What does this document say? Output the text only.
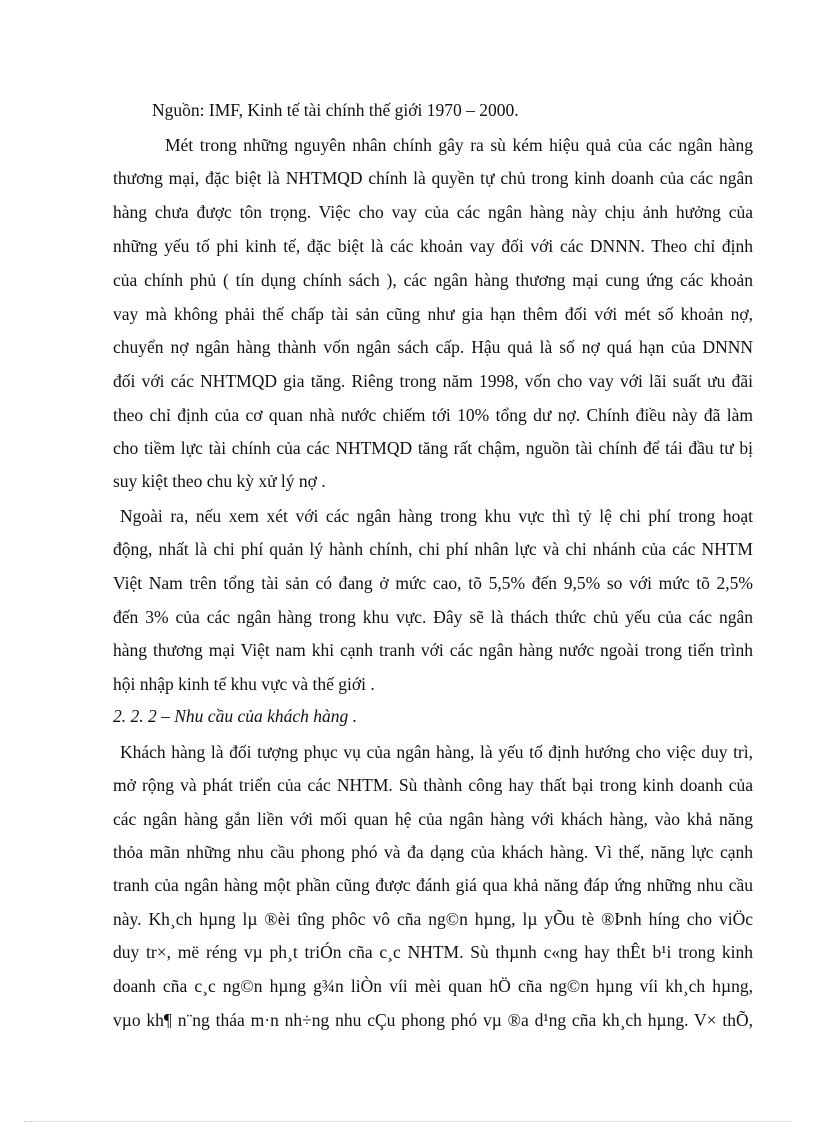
Nguồn: IMF, Kinh tế tài chính thế giới 1970 – 2000.
Mét trong những nguyên nhân chính gây ra sù kém hiệu quả của các ngân hàng
thương mại, đặc biệt là NHTMQD chính là quyền tự chủ trong kinh doanh của các ngân
hàng chưa được tôn trọng. Việc cho vay của các ngân hàng này chịu ảnh hưởng của
những yếu tố phi kinh tế, đặc biệt là các khoản vay đối với các DNNN. Theo chỉ định
của chính phủ ( tín dụng chính sách ), các ngân hàng thương mại cung ứng các khoản
vay mà không phải thế chấp tài sản cũng như gia hạn thêm đối với mét số khoản nợ,
chuyển nợ ngân hàng thành vốn ngân sách cấp. Hậu quả là số nợ quá hạn của DNNN
đối với các NHTMQD gia tăng. Riêng trong năm 1998, vốn cho vay với lãi suất ưu đãi
theo chỉ định của cơ quan nhà nước chiếm tới 10% tổng dư nợ. Chính điều này đã làm
cho tiềm lực tài chính của các NHTMQD tăng rất chậm, nguồn tài chính để tái đầu tư bị
suy kiệt theo chu kỳ xử lý nợ .
Ngoài ra, nếu xem xét với các ngân hàng trong khu vực thì tỷ lệ chi phí trong hoạt
động, nhất là chi phí quản lý hành chính, chi phí nhân lực và chi nhánh của các NHTM
Việt Nam trên tổng tài sản có đang ở mức cao, tõ 5,5% đến 9,5% so với mức tõ 2,5%
đến 3% của các ngân hàng trong khu vực. Đây sẽ là thách thức chủ yếu của các ngân
hàng thương mại Việt nam khi cạnh tranh với các ngân hàng nước ngoài trong tiến trình
hội nhập kinh tế khu vực và thế giới .
2. 2. 2 – Nhu cầu của khách hàng .
Khách hàng là đối tượng phục vụ của ngân hàng, là yếu tố định hướng cho việc duy trì,
mở rộng và phát triển của các NHTM. Sù thành công hay thất bại trong kinh doanh của
các ngân hàng gắn liền với mối quan hệ của ngân hàng với khách hàng, vào khả năng
thỏa mãn những nhu cầu phong phó và đa dạng của khách hàng. Vì thế, năng lực cạnh
tranh của ngân hàng một phần cũng được đánh giá qua khả năng đáp ứng những nhu cầu
này. Kh¸ch hµng lµ ®èi tîng phôc vô cña ng©n hµng, lµ yÕu tè ®Þnh híng cho viÖc
duy tr×, më réng vµ ph¸t triÓn cña c¸c NHTM. Sù thµnh c«ng hay thÊt b¹i trong kinh
doanh cña c¸c ng©n hµng g¾n liÒn víi mèi quan hÖ cña ng©n hµng víi kh¸ch hµng,
vµo kh¶ n¨ng tháa m·n nh÷ng nhu cÇu phong phó vµ ®a d¹ng cña kh¸ch hµng. V× thÕ,
